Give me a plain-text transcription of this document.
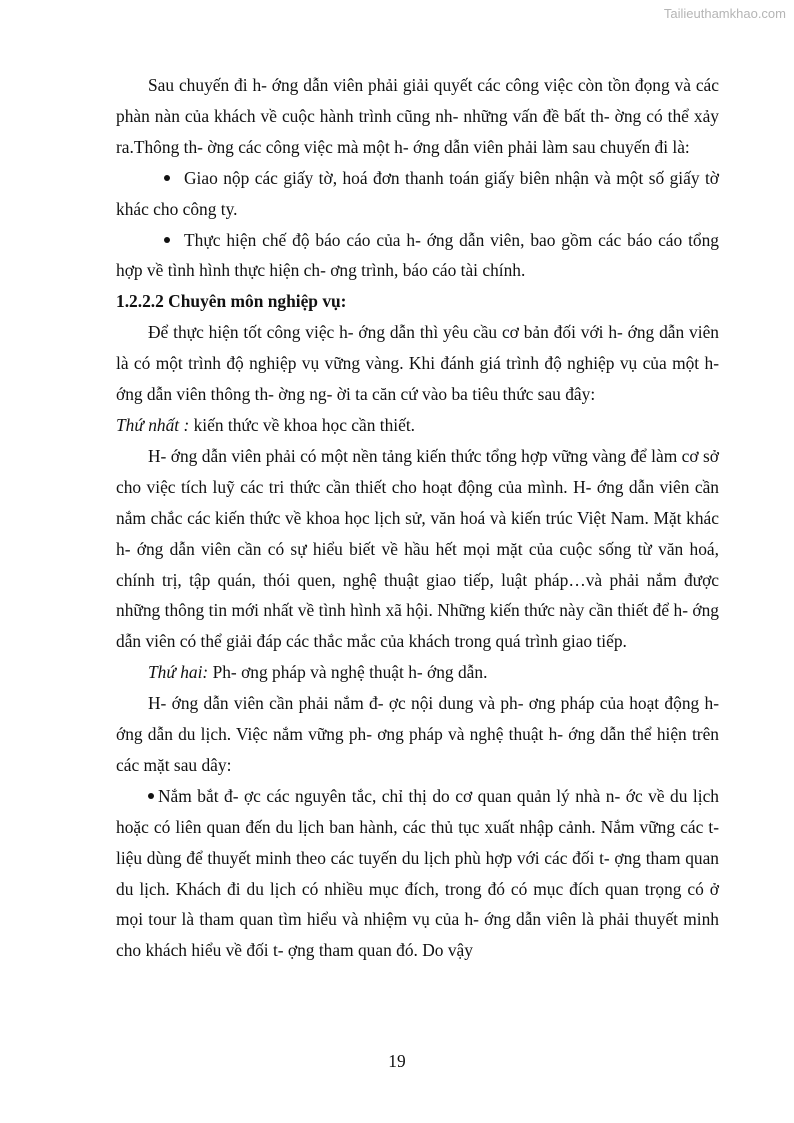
Tailieuthamkhao.com

Sau chuyến đi h- ớng dẫn viên phải giải quyết các công việc còn tồn đọng và các phàn nàn của khách về cuộc hành trình cũng nh- những vấn đề bất th- ờng có thể xảy ra.Thông th- ờng các công việc mà một h- ớng dẫn viên phải làm sau chuyến đi là:

Giao nộp các giấy tờ, hoá đơn thanh toán giấy biên nhận và một số giấy tờ khác cho công ty.

Thực hiện chế độ báo cáo của h- ớng dẫn viên, bao gồm các báo cáo tổng hợp về tình hình thực hiện ch- ơng trình, báo cáo tài chính.

1.2.2.2 Chuyên môn nghiệp vụ:

Để thực hiện tốt công việc h- ớng dẫn thì yêu cầu cơ bản đối với h- ớng dẫn viên là có một trình độ nghiệp vụ vững vàng. Khi đánh giá trình độ nghiệp vụ của một h- ớng dẫn viên thông th- ờng ng- ời ta căn cứ vào ba tiêu thức sau đây:

Thứ nhất : kiến thức về khoa học cần thiết.

H- ớng dẫn viên phải có một nền tảng kiến thức tổng hợp vững vàng để làm cơ sở cho việc tích luỹ các tri thức cần thiết cho hoạt động của mình. H- ớng dẫn viên cần nắm chắc các kiến thức về khoa học lịch sử, văn hoá và kiến trúc Việt Nam. Mặt khác h- ớng dẫn viên cần có sự hiểu biết về hầu hết mọi mặt của cuộc sống từ văn hoá, chính trị, tập quán, thói quen, nghệ thuật giao tiếp, luật pháp…và phải nắm được những thông tin mới nhất về tình hình xã hội. Những kiến thức này cần thiết để h- ớng dẫn viên có thể giải đáp các thắc mắc của khách trong quá trình giao tiếp.

Thứ hai: Ph- ơng pháp và nghệ thuật h- ớng dẫn.

H- ớng dẫn viên cần phải nắm đ- ợc nội dung và ph- ơng pháp của hoạt động h- ớng dẫn du lịch. Việc nắm vững ph- ơng pháp và nghệ thuật h- ớng dẫn thể hiện trên các mặt sau dây:

Nắm bắt đ- ợc các nguyên tắc, chỉ thị do cơ quan quản lý nhà n- ớc về du lịch hoặc có liên quan đến du lịch ban hành, các thủ tục xuất nhập cảnh. Nắm vững các t- liệu dùng để thuyết minh theo các tuyến du lịch phù hợp với các đối t- ợng tham quan du lịch. Khách đi du lịch có nhiều mục đích, trong đó có mục đích quan trọng có ở mọi tour là tham quan tìm hiểu và nhiệm vụ của h- ớng dẫn viên là phải thuyết minh cho khách hiểu về đối t- ợng tham quan đó. Do vậy

19
